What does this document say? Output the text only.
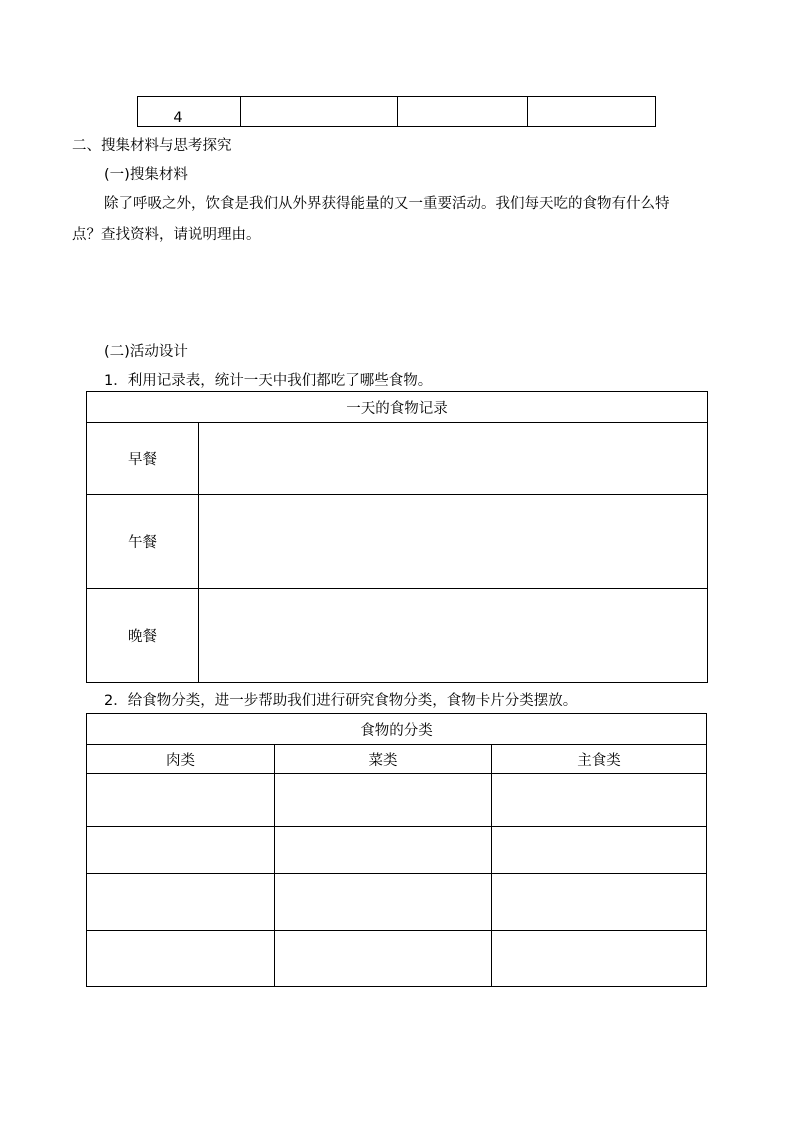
4

二、搜集材料与思考探究
(一)搜集材料
除了呼吸之外，饮食是我们从外界获得能量的又一重要活动。我们每天吃的食物有什么特
点？查找资料，请说明理由。
(二)活动设计
1．利用记录表，统计一天中我们都吃了哪些食物。
一天的食物记录	
早餐	
午餐	
晚餐	
2．给食物分类，进一步帮助我们进行研究食物分类，食物卡片分类摆放。
食物的分类		
肉类	菜类	主食类
